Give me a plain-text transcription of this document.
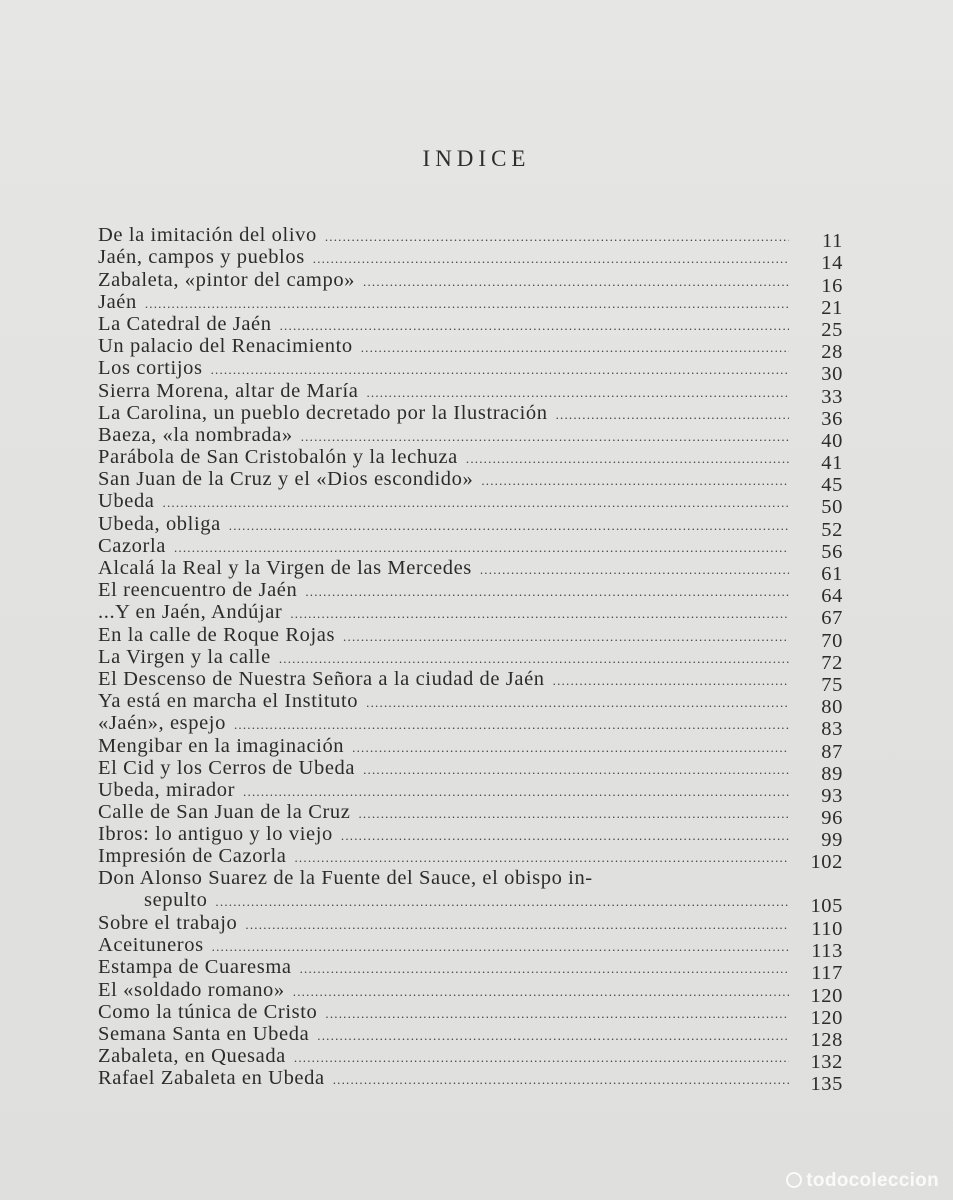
INDICE
De la imitación del olivo .....	11
Jaén, campos y pueblos .....	14
Zabaleta, «pintor del campo» .....	16
Jaén .....	21
La Catedral de Jaén .....	25
Un palacio del Renacimiento .....	28
Los cortijos .....	30
Sierra Morena, altar de María .....	33
La Carolina, un pueblo decretado por la Ilustración .....	36
Baeza, «la nombrada» .....	40
Parábola de San Cristobalón y la lechuza .....	41
San Juan de la Cruz y el «Dios escondido» .....	45
Ubeda .....	50
Ubeda, obliga .....	52
Cazorla .....	56
Alcalá la Real y la Virgen de las Mercedes .....	61
El reencuentro de Jaén .....	64
...Y en Jaén, Andújar .....	67
En la calle de Roque Rojas .....	70
La Virgen y la calle .....	72
El Descenso de Nuestra Señora a la ciudad de Jaén .....	75
Ya está en marcha el Instituto .....	80
«Jaén», espejo .....	83
Mengibar en la imaginación .....	87
El Cid y los Cerros de Ubeda .....	89
Ubeda, mirador .....	93
Calle de San Juan de la Cruz .....	96
Ibros: lo antiguo y lo viejo .....	99
Impresión de Cazorla .....	102
Don Alonso Suarez de la Fuente del Sauce, el obispo in-
sepulto .....	105
Sobre el trabajo .....	110
Aceituneros .....	113
Estampa de Cuaresma .....	117
El «soldado romano» .....	120
Como la túnica de Cristo .....	120
Semana Santa en Ubeda .....	128
Zabaleta, en Quesada .....	132
Rafael Zabaleta en Ubeda .....	135
todocoleccion
